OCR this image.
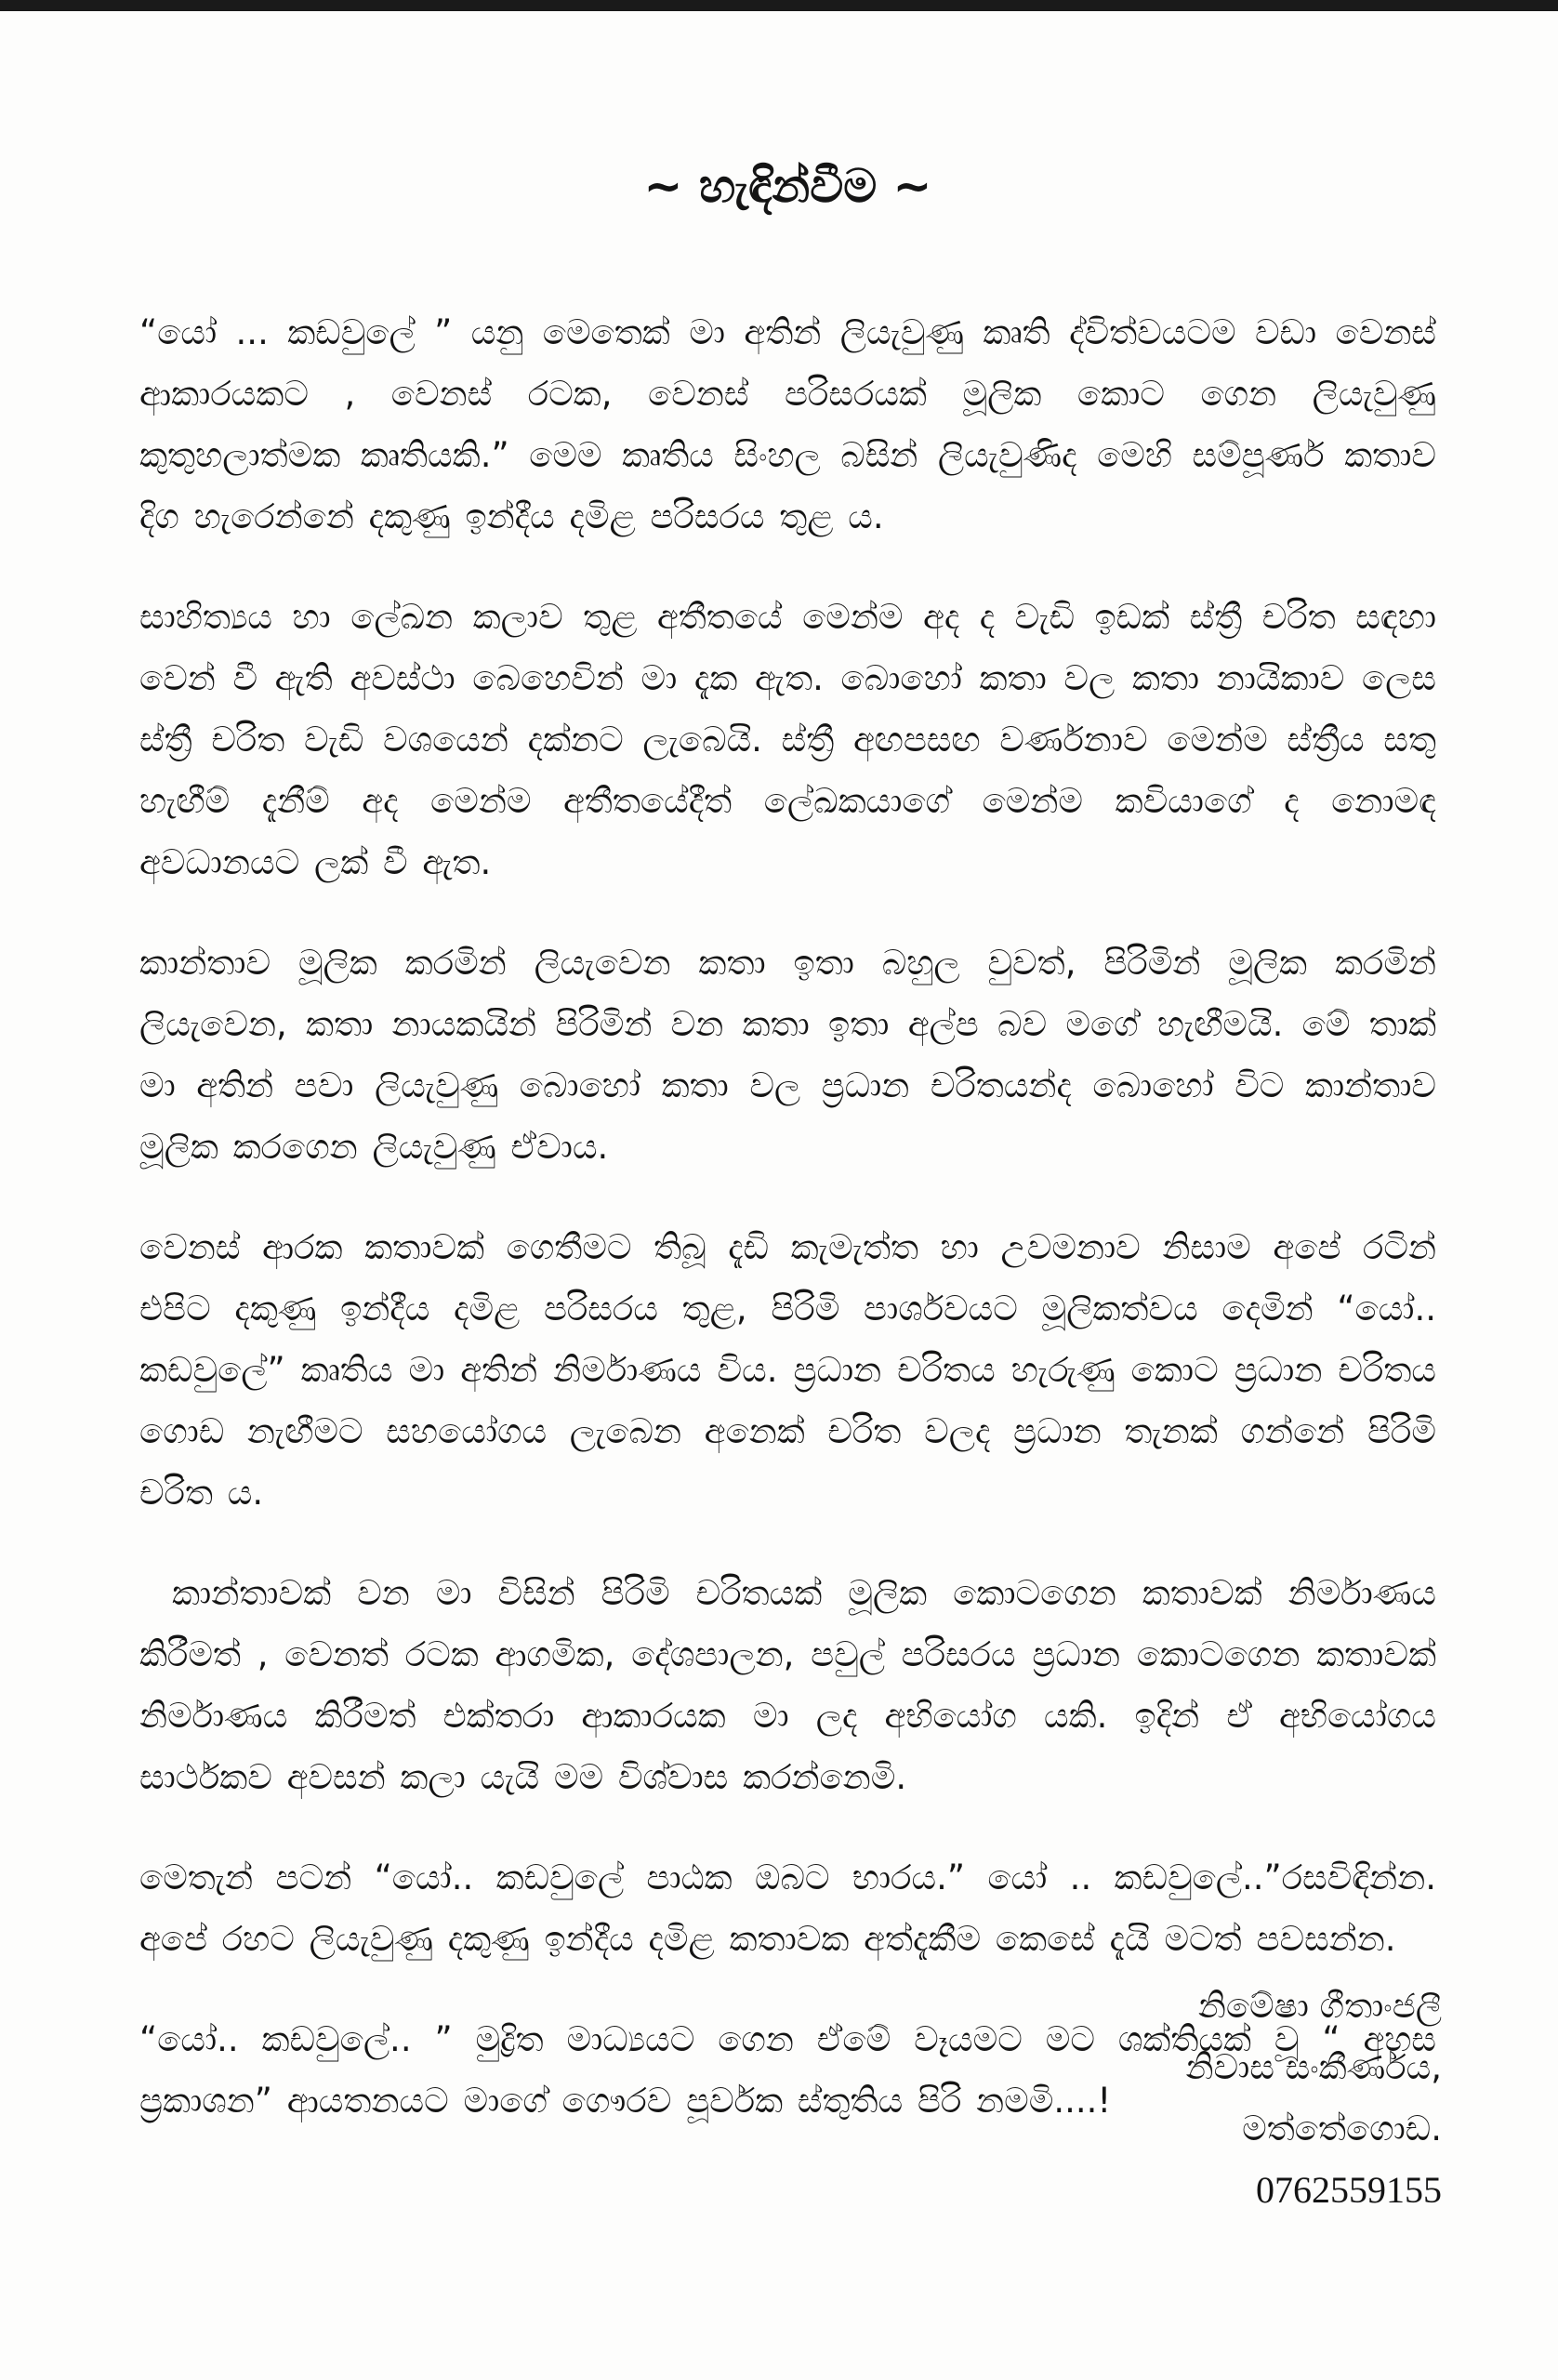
~ හැඳින්වීම ~

“යෝ ... කඩවුලේ ” යනු මෙතෙක් මා අතින් ලියැවුණු කෘති ද්විත්වයටම වඩා වෙනස් ආකාරයකට , වෙනස් රටක, වෙනස් පරිසරයක් මූලික කොට ගෙන ලියැවුණු කුතුහලාත්මක කෘතියකි.” මෙම කෘතිය සිංහල බසින් ලියැවුණිද මෙහි සම්පූර්ණ කතාව දිග හැරෙන්නේ දකුණු ඉන්දීය දමිළ පරිසරය තුළ ය.

සාහිත්‍යය හා ලේඛන කලාව තුළ අතීතයේ මෙන්ම අද ද වැඩි ඉඩක් ස්ත්‍රී චරිත සඳහා වෙන් වී ඇති අවස්ථා බෙහෙවින් මා දැක ඇත. බොහෝ කතා වල කතා නායිකාව ලෙස ස්ත්‍රී චරිත වැඩි වශයෙන් දක්නට ලැබෙයි. ස්ත්‍රී අඟපසඟ වර්ණනාව මෙන්ම ස්ත්‍රීය සතු හැඟීම් දැනීම් අද මෙන්ම අතීතයේදීත් ලේඛකයාගේ මෙන්ම කවියාගේ ද නොමඳ අවධානයට ලක් වී ඇත.

කාන්තාව මූලික කරමින් ලියැවෙන කතා ඉතා බහුල වුවත්, පිරිමින් මූලික කරමින් ලියැවෙන, කතා නායකයින් පිරිමින් වන කතා ඉතා අල්ප බව මගේ හැඟීමයි. මේ තාක් මා අතින් පවා ලියැවුණු බොහෝ කතා වල ප්‍රධාන චරිතයන්ද බොහෝ විට කාන්තාව මූලික කරගෙන ලියැවුණු ඒවාය.

වෙනස් ආරක කතාවක් ගෙතීමට තිබූ දැඩි කැමැත්ත හා උවමනාව නිසාම අපේ රටින් එපිට දකුණු ඉන්දීය දමිළ පරිසරය තුළ, පිරිමි පාර්ශවයට මූලිකත්වය දෙමින් “යෝ.. කඩවුලේ” කෘතිය මා අතින් නිර්මාණය විය. ප්‍රධාන චරිතය හැරුණු කොට ප්‍රධාන චරිතය ගොඩ නැඟීමට සහයෝගය ලැබෙන අනෙක් චරිත වලද ප්‍රධාන තැනක් ගන්නේ පිරිමි චරිත ය.

කාන්තාවක් වන මා විසින් පිරිමි චරිතයක් මූලික කොටගෙන කතාවක් නිර්මාණය කිරීමත් , වෙනත් රටක ආගමික, දේශපාලන, පවුල් පරිසරය ප්‍රධාන කොටගෙන කතාවක් නිර්මාණය කිරීමත් එක්තරා ආකාරයක මා ලද අභියෝග යකි. ඉදින් ඒ අභියෝගය සාර්ථකව අවසන් කලා යැයි මම විශ්වාස කරන්නෙමි.

මෙතැන් පටන් “යෝ.. කඩවුලේ පාඨක ඔබට භාරය.” යෝ .. කඩවුලේ..”රසවිඳින්න. අපේ රහට ලියැවුණු දකුණු ඉන්දීය දමිළ කතාවක අත්දැකීම කෙසේ දැයි මටත් පවසන්න.

“යෝ.. කඩවුලේ.. ” මුද්‍රිත මාධ්‍යයට ගෙන ඒමේ වෑයමට මට ශක්තියක් වූ “ අහස ප්‍රකාශන” ආයතනයට මාගේ ගෞරව පූර්වක ස්තුතිය පිරි නමමි....!

නිමේෂා ගීතාංජලී
නිවාස සංකීර්ණය,
මත්තේගොඩ.
0762559155
